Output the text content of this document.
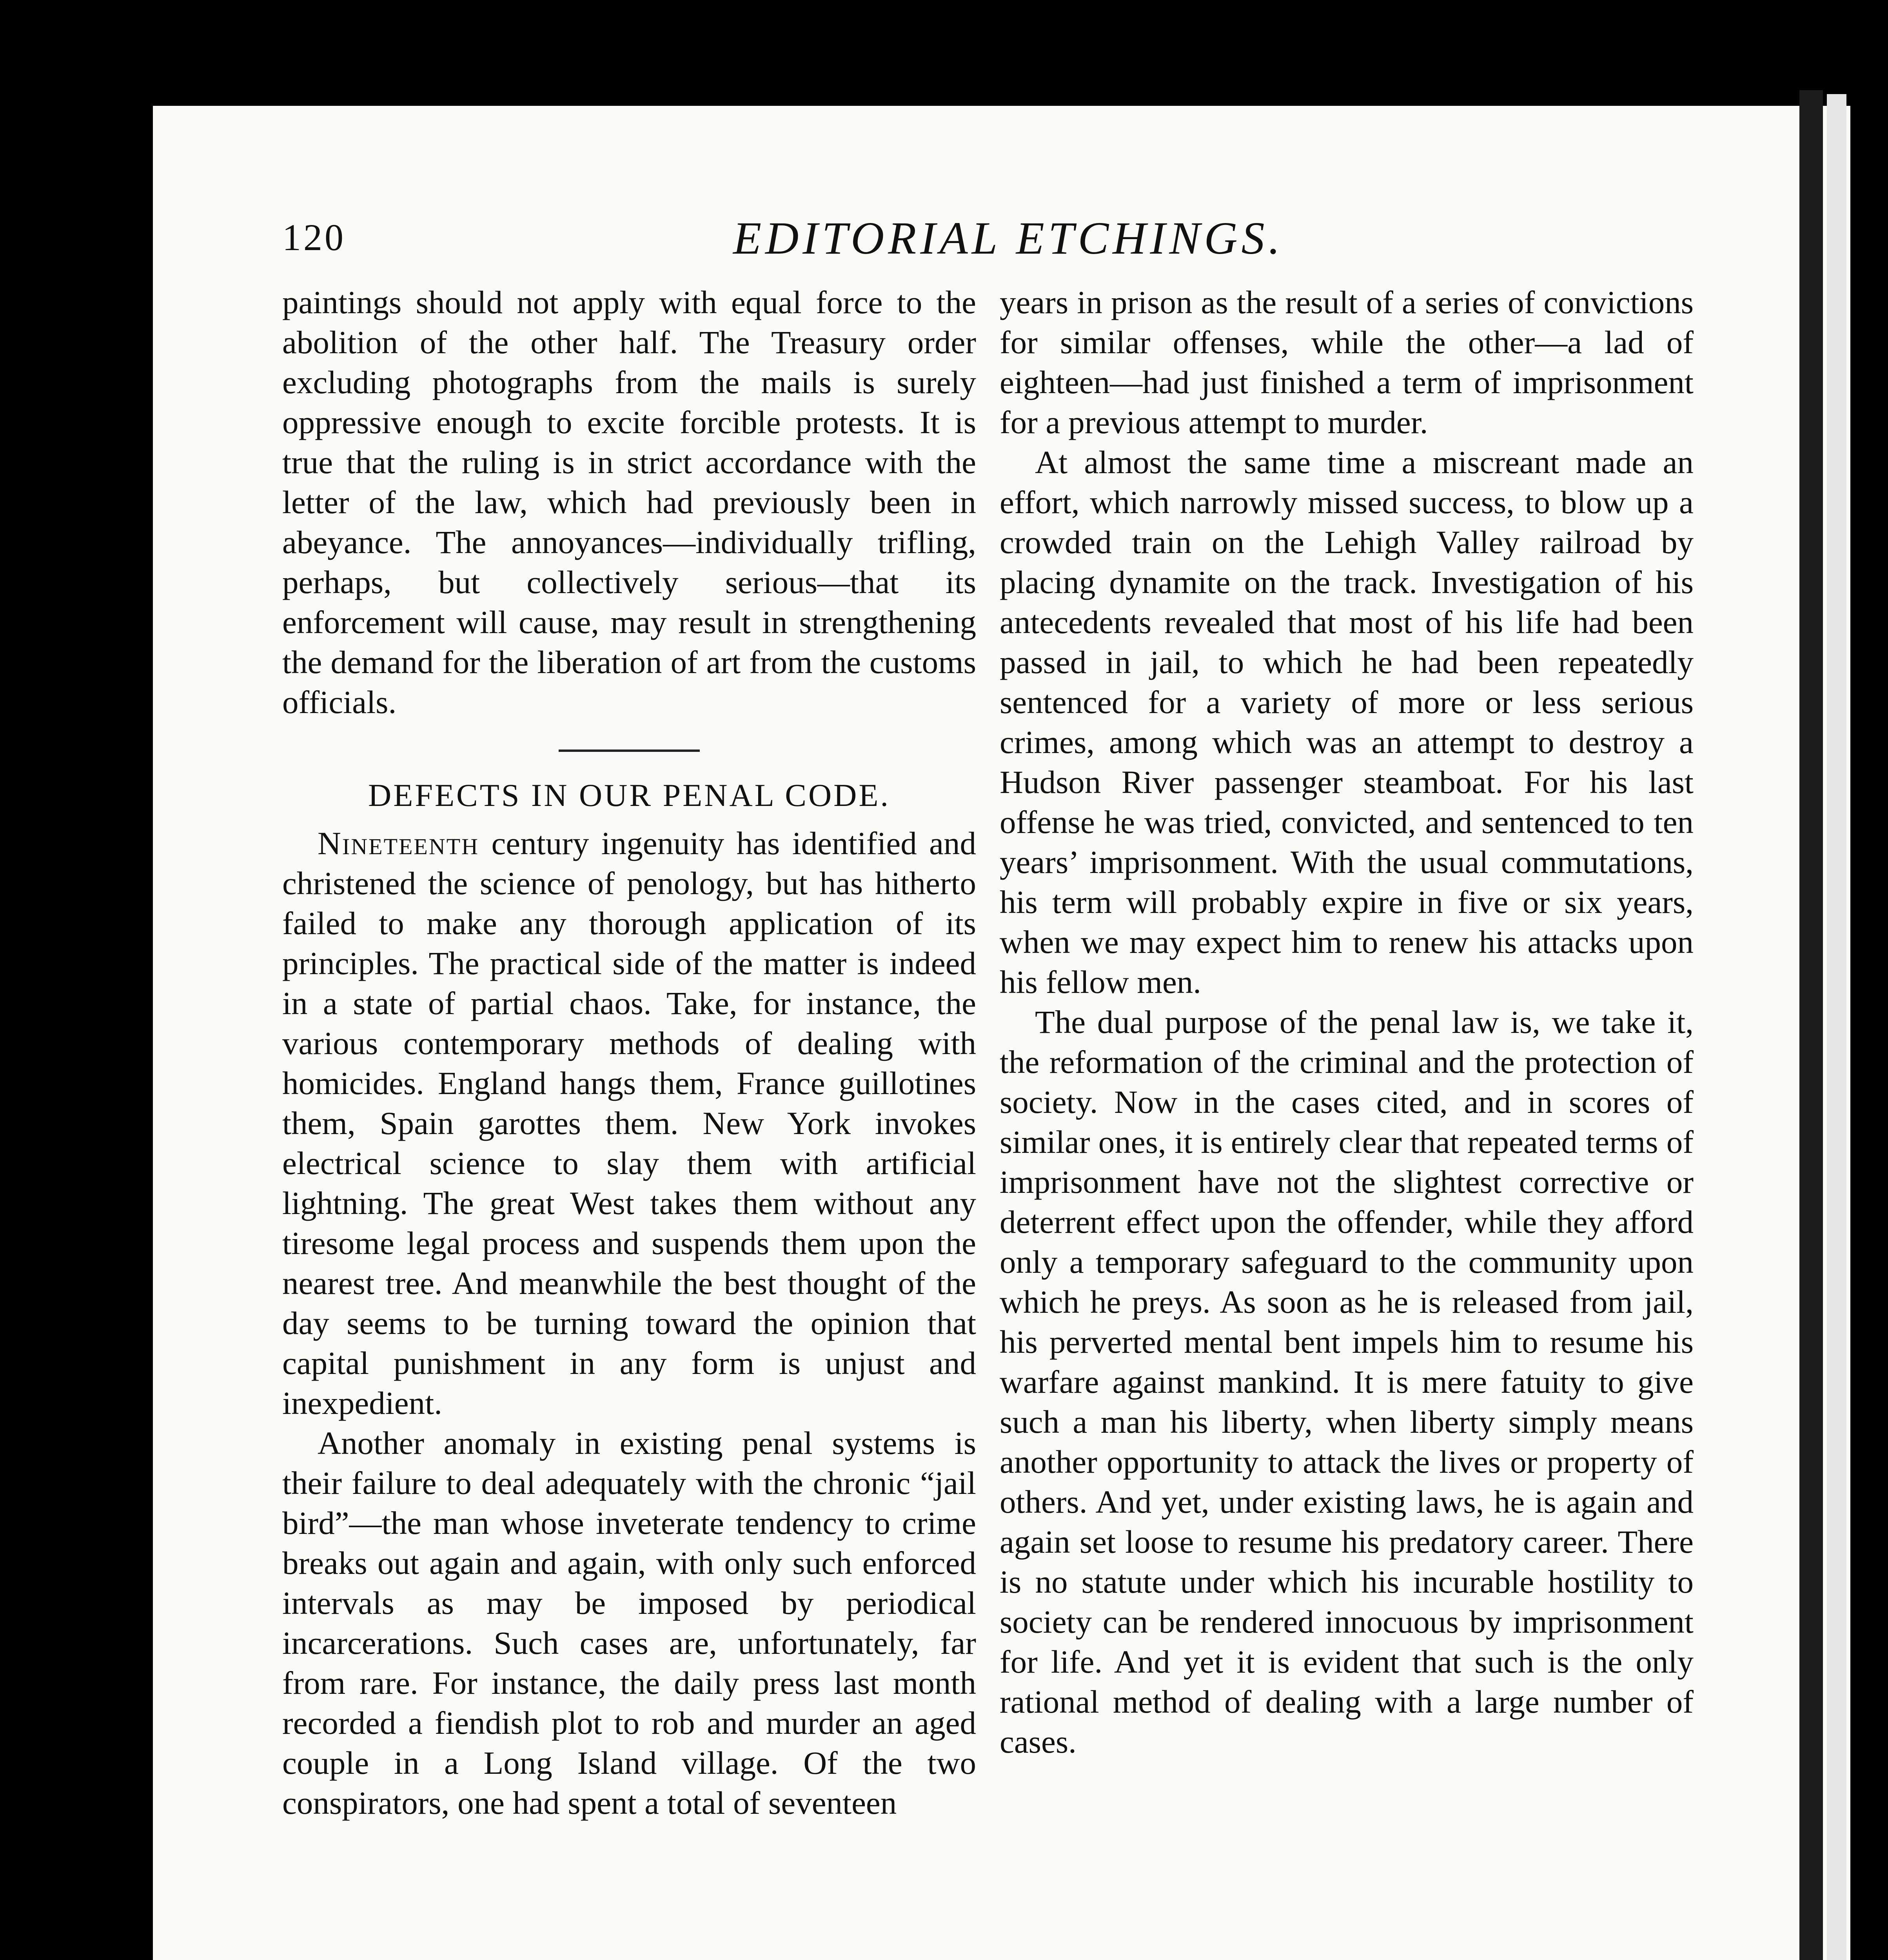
120	EDITORIAL ETCHINGS.

paintings should not apply with equal force to the abolition of the other half. The Treasury order excluding photographs from the mails is surely oppressive enough to excite forcible protests. It is true that the ruling is in strict accordance with the letter of the law, which had previously been in abeyance. The annoyances—individually trifling, perhaps, but collectively serious—that its enforcement will cause, may result in strengthening the demand for the liberation of art from the customs officials.

DEFECTS IN OUR PENAL CODE.

Nineteenth century ingenuity has identified and christened the science of penology, but has hitherto failed to make any thorough application of its principles. The practical side of the matter is indeed in a state of partial chaos. Take, for instance, the various contemporary methods of dealing with homicides. England hangs them, France guillotines them, Spain garottes them. New York invokes electrical science to slay them with artificial lightning. The great West takes them without any tiresome legal process and suspends them upon the nearest tree. And meanwhile the best thought of the day seems to be turning toward the opinion that capital punishment in any form is unjust and inexpedient.

Another anomaly in existing penal systems is their failure to deal adequately with the chronic “jail bird”—the man whose inveterate tendency to crime breaks out again and again, with only such enforced intervals as may be imposed by periodical incarcerations. Such cases are, unfortunately, far from rare. For instance, the daily press last month recorded a fiendish plot to rob and murder an aged couple in a Long Island village. Of the two conspirators, one had spent a total of seventeen

years in prison as the result of a series of convictions for similar offenses, while the other—a lad of eighteen—had just finished a term of imprisonment for a previous attempt to murder.

At almost the same time a miscreant made an effort, which narrowly missed success, to blow up a crowded train on the Lehigh Valley railroad by placing dynamite on the track. Investigation of his antecedents revealed that most of his life had been passed in jail, to which he had been repeatedly sentenced for a variety of more or less serious crimes, among which was an attempt to destroy a Hudson River passenger steamboat. For his last offense he was tried, convicted, and sentenced to ten years’ imprisonment. With the usual commutations, his term will probably expire in five or six years, when we may expect him to renew his attacks upon his fellow men.

The dual purpose of the penal law is, we take it, the reformation of the criminal and the protection of society. Now in the cases cited, and in scores of similar ones, it is entirely clear that repeated terms of imprisonment have not the slightest corrective or deterrent effect upon the offender, while they afford only a temporary safeguard to the community upon which he preys. As soon as he is released from jail, his perverted mental bent impels him to resume his warfare against mankind. It is mere fatuity to give such a man his liberty, when liberty simply means another opportunity to attack the lives or property of others. And yet, under existing laws, he is again and again set loose to resume his predatory career. There is no statute under which his incurable hostility to society can be rendered innocuous by imprisonment for life. And yet it is evident that such is the only rational method of dealing with a large number of cases.
